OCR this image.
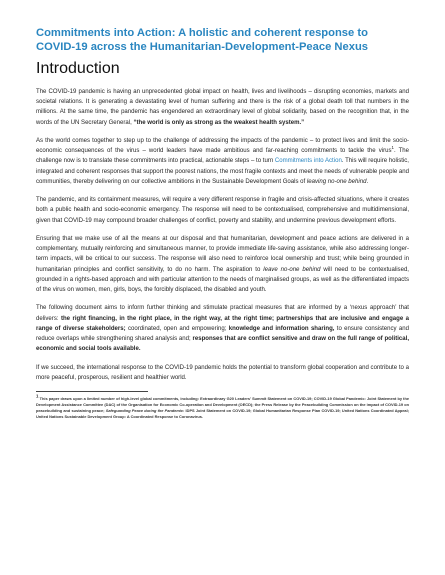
Commitments into Action: A holistic and coherent response to COVID-19 across the Humanitarian-Development-Peace Nexus
Introduction

The COVID-19 pandemic is having an unprecedented global impact on health, lives and livelihoods – disrupting economies, markets and societal relations. It is generating a devastating level of human suffering and there is the risk of a global death toll that numbers in the millions. At the same time, the pandemic has engendered an extraordinary level of global solidarity, based on the recognition that, in the words of the UN Secretary General, “the world is only as strong as the weakest health system.”

As the world comes together to step up to the challenge of addressing the impacts of the pandemic – to protect lives and limit the socio-economic consequences of the virus – world leaders have made ambitious and far-reaching commitments to tackle the virus$^1$. The challenge now is to translate these commitments into practical, actionable steps – to turn Commitments into Action. This will require holistic, integrated and coherent responses that support the poorest nations, the most fragile contexts and meet the needs of vulnerable people and communities, thereby delivering on our collective ambitions in the Sustainable Development Goals of leaving no-one behind.

The pandemic, and its containment measures, will require a very different response in fragile and crisis-affected situations, where it creates both a public health and socio-economic emergency. The response will need to be contextualised, comprehensive and multidimensional, given that COVID-19 may compound broader challenges of conflict, poverty and stability, and undermine previous development efforts.

Ensuring that we make use of all the means at our disposal and that humanitarian, development and peace actions are delivered in a complementary, mutually reinforcing and simultaneous manner, to provide immediate life-saving assistance, while also addressing longer-term impacts, will be critical to our success. The response will also need to reinforce local ownership and trust; while being grounded in humanitarian principles and conflict sensitivity, to do no harm. The aspiration to leave no-one behind will need to be contextualised, grounded in a rights-based approach and with particular attention to the needs of marginalised groups, as well as the differentiated impacts of the virus on women, men, girls, boys, the forcibly displaced, the disabled and youth.

The following document aims to inform further thinking and stimulate practical measures that are informed by a ‘nexus approach’ that delivers: the right financing, in the right place, in the right way, at the right time; partnerships that are inclusive and engage a range of diverse stakeholders; coordinated, open and empowering; knowledge and information sharing, to ensure consistency and reduce overlaps while strengthening shared analysis and; responses that are conflict sensitive and draw on the full range of political, economic and social tools available.

If we succeed, the international response to the COVID-19 pandemic holds the potential to transform global cooperation and contribute to a more peaceful, prosperous, resilient and healthier world.

1 This paper draws upon a limited number of high-level global commitments, including: Extraordinary G20 Leaders’ Summit Statement on COVID-19; COVID-19 Global Pandemic: Joint Statement by the Development Assistance Committee (DAC) of the Organisation for Economic Co-operation and Development (OECD); the Press Release by the Peacebuilding Commission on the impact of COVID-19 on peacebuilding and sustaining peace; Safeguarding Peace during the Pandemic: IDPS Joint Statement on COVID-19; Global Humanitarian Response Plan COVID-19; United Nations Coordinated Appeal; United Nations Sustainable Development Group: A Coordinated Response to Coronavirus.
